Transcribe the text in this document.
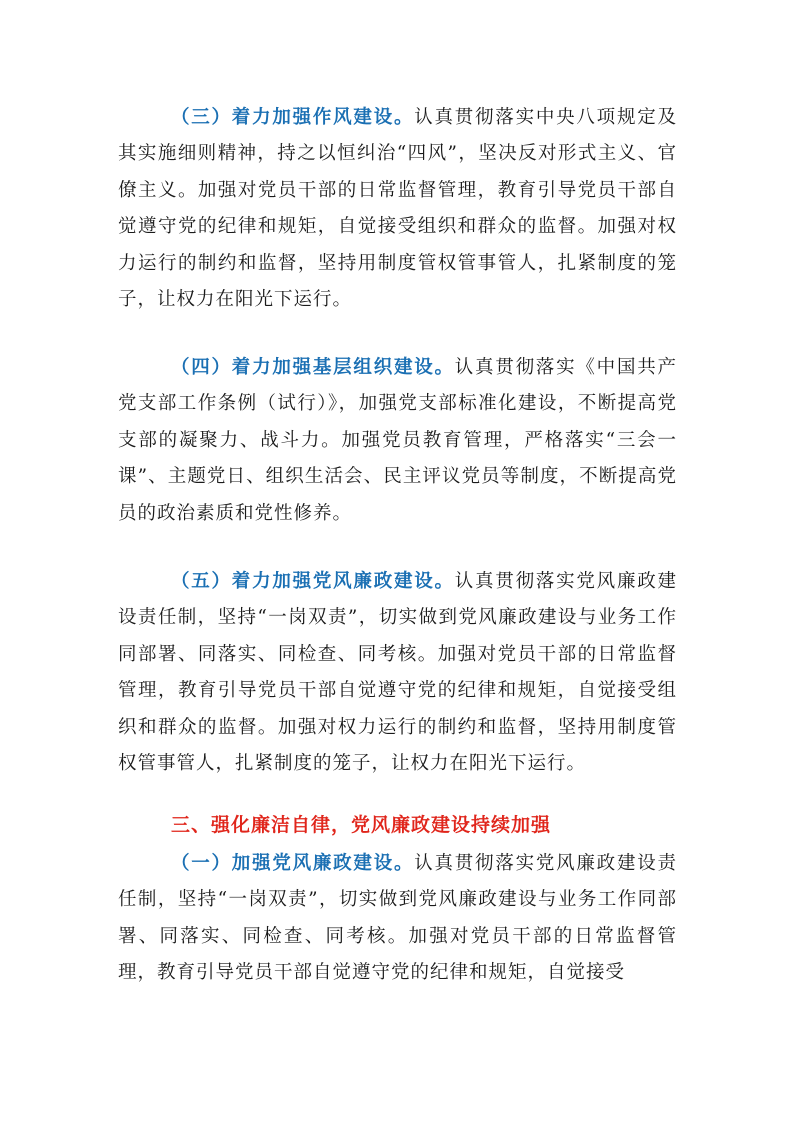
（三）着力加强作风建设。认真贯彻落实中央八项规定及其实施细则精神，持之以恒纠治“四风”，坚决反对形式主义、官僚主义。加强对党员干部的日常监督管理，教育引导党员干部自觉遵守党的纪律和规矩，自觉接受组织和群众的监督。加强对权力运行的制约和监督，坚持用制度管权管事管人，扎紧制度的笼子，让权力在阳光下运行。

（四）着力加强基层组织建设。认真贯彻落实《中国共产党支部工作条例（试行）》，加强党支部标准化建设，不断提高党支部的凝聚力、战斗力。加强党员教育管理，严格落实“三会一课”、主题党日、组织生活会、民主评议党员等制度，不断提高党员的政治素质和党性修养。

（五）着力加强党风廉政建设。认真贯彻落实党风廉政建设责任制，坚持“一岗双责”，切实做到党风廉政建设与业务工作同部署、同落实、同检查、同考核。加强对党员干部的日常监督管理，教育引导党员干部自觉遵守党的纪律和规矩，自觉接受组织和群众的监督。加强对权力运行的制约和监督，坚持用制度管权管事管人，扎紧制度的笼子，让权力在阳光下运行。

三、强化廉洁自律，党风廉政建设持续加强

（一）加强党风廉政建设。认真贯彻落实党风廉政建设责任制，坚持“一岗双责”，切实做到党风廉政建设与业务工作同部署、同落实、同检查、同考核。加强对党员干部的日常监督管理，教育引导党员干部自觉遵守党的纪律和规矩，自觉接受
